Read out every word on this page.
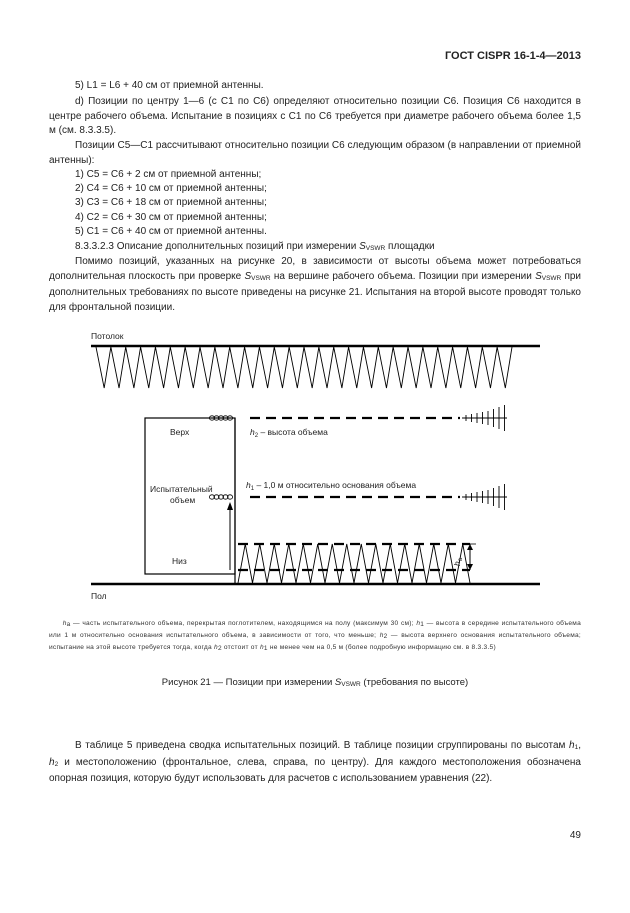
ГОСТ CISPR 16-1-4—2013
5) L1 = L6 + 40 см от приемной антенны.

d) Позиции по центру 1—6 (с С1 по С6) определяют относительно позиции С6. Позиция С6 находится в центре рабочего объема. Испытание в позициях с С1 по С6 требуется при диаметре рабочего объема более 1,5 м (см. 8.3.3.5).

Позиции С5—С1 рассчитывают относительно позиции С6 следующим образом (в направлении от приемной антенны):

1) С5 = С6 + 2 см от приемной антенны;
2) С4 = С6 + 10 см от приемной антенны;
3) С3 = С6 + 18 см от приемной антенны;
4) С2 = С6 + 30 см от приемной антенны;
5) С1 = С6 + 40 см от приемной антенны.
8.3.3.2.3 Описание дополнительных позиций при измерении SVSWR площадки

Помимо позиций, указанных на рисунке 20, в зависимости от высоты объема может потребоваться дополнительная плоскость при проверке SVSWR на вершине рабочего объема. Позиции при измерении SVSWR при дополнительных требованиях по высоте приведены на рисунке 21. Испытания на второй высоте проводят только для фронтальной позиции.

$h_a$
Потолок
Пол
Верх
Испытательный
объем
Низ
$h_2$ – высота объема
$h_1 - 1,0$ м относительно основания объема
  ha — часть испытательного объема, перекрытая поглотителем, находящимся на полу (максимум 30 см); h1 — высота в середине испытательного объема или 1 м относительно основания испытательного объема, в зависимости от того, что меньше; h2 — высота верхнего основания испытательного объема; испытание на этой высоте требуется тогда, когда h2 отстоит от h1 не менее чем на 0,5 м (более подробную информацию см. в 8.3.3.5)
Рисунок 21 — Позиции при измерении SVSWR (требования по высоте)

В таблице 5 приведена сводка испытательных позиций. В таблице позиции сгруппированы по высотам h1, h2 и местоположению (фронтальное, слева, справа, по центру). Для каждого местоположения обозначена опорная позиция, которую будут использовать для расчетов с использованием уравнения (22).

49
